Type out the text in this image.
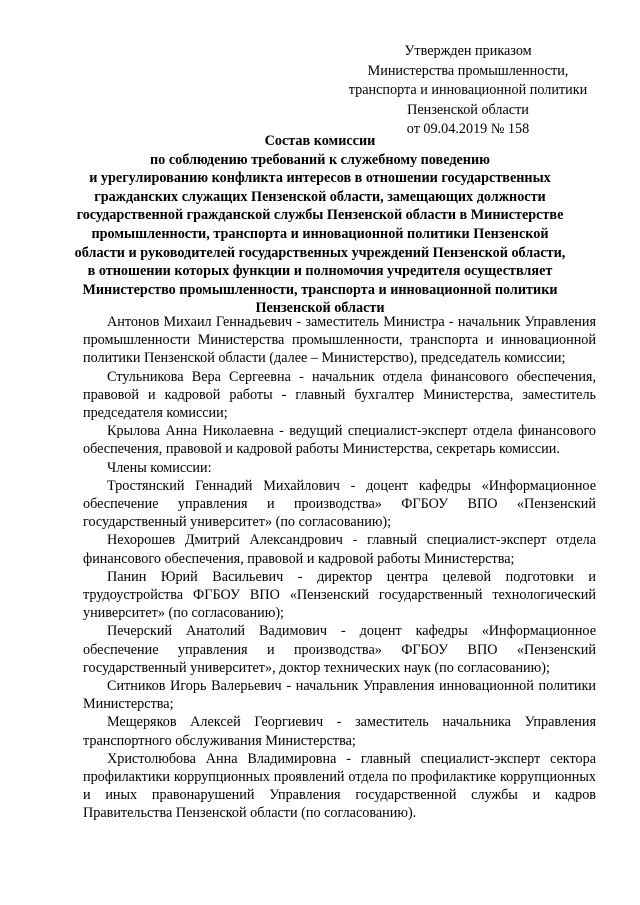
Утвержден приказом
Министерства промышленности,
транспорта и инновационной политики
Пензенской области
от 09.04.2019 № 158
Состав комиссии
по соблюдению требований к служебному поведению
и урегулированию конфликта интересов в отношении государственных
гражданских служащих Пензенской области, замещающих должности
государственной гражданской службы Пензенской области в Министерстве
промышленности, транспорта и инновационной политики Пензенской
области и руководителей государственных учреждений Пензенской области,
в отношении которых функции и полномочия учредителя осуществляет
Министерство промышленности, транспорта и инновационной политики
Пензенской области

Антонов Михаил Геннадьевич - заместитель Министра - начальник Управления промышленности Министерства промышленности, транспорта и инновационной политики Пензенской области (далее – Министерство), председатель комиссии;

Стульникова Вера Сергеевна - начальник отдела финансового обеспечения, правовой и кадровой работы - главный бухгалтер Министерства, заместитель председателя комиссии;

Крылова Анна Николаевна - ведущий специалист-эксперт отдела финансового обеспечения, правовой и кадровой работы Министерства, секретарь комиссии.

Члены комиссии:

Тростянский Геннадий Михайлович - доцент кафедры «Информационное обеспечение управления и производства» ФГБОУ ВПО «Пензенский государственный университет» (по согласованию);

Нехорошев Дмитрий Александрович - главный специалист-эксперт отдела финансового обеспечения, правовой и кадровой работы Министерства;

Панин Юрий Васильевич - директор центра целевой подготовки и трудоустройства ФГБОУ ВПО «Пензенский государственный технологический университет» (по согласованию);

Печерский Анатолий Вадимович - доцент кафедры «Информационное обеспечение управления и производства» ФГБОУ ВПО «Пензенский государственный университет», доктор технических наук (по согласованию);

Ситников Игорь Валерьевич - начальник Управления инновационной политики Министерства;

Мещеряков Алексей Георгиевич - заместитель начальника Управления транспортного обслуживания Министерства;

Христолюбова Анна Владимировна - главный специалист-эксперт сектора профилактики коррупционных проявлений отдела по профилактике коррупционных и иных правонарушений Управления государственной службы и кадров Правительства Пензенской области (по согласованию).
